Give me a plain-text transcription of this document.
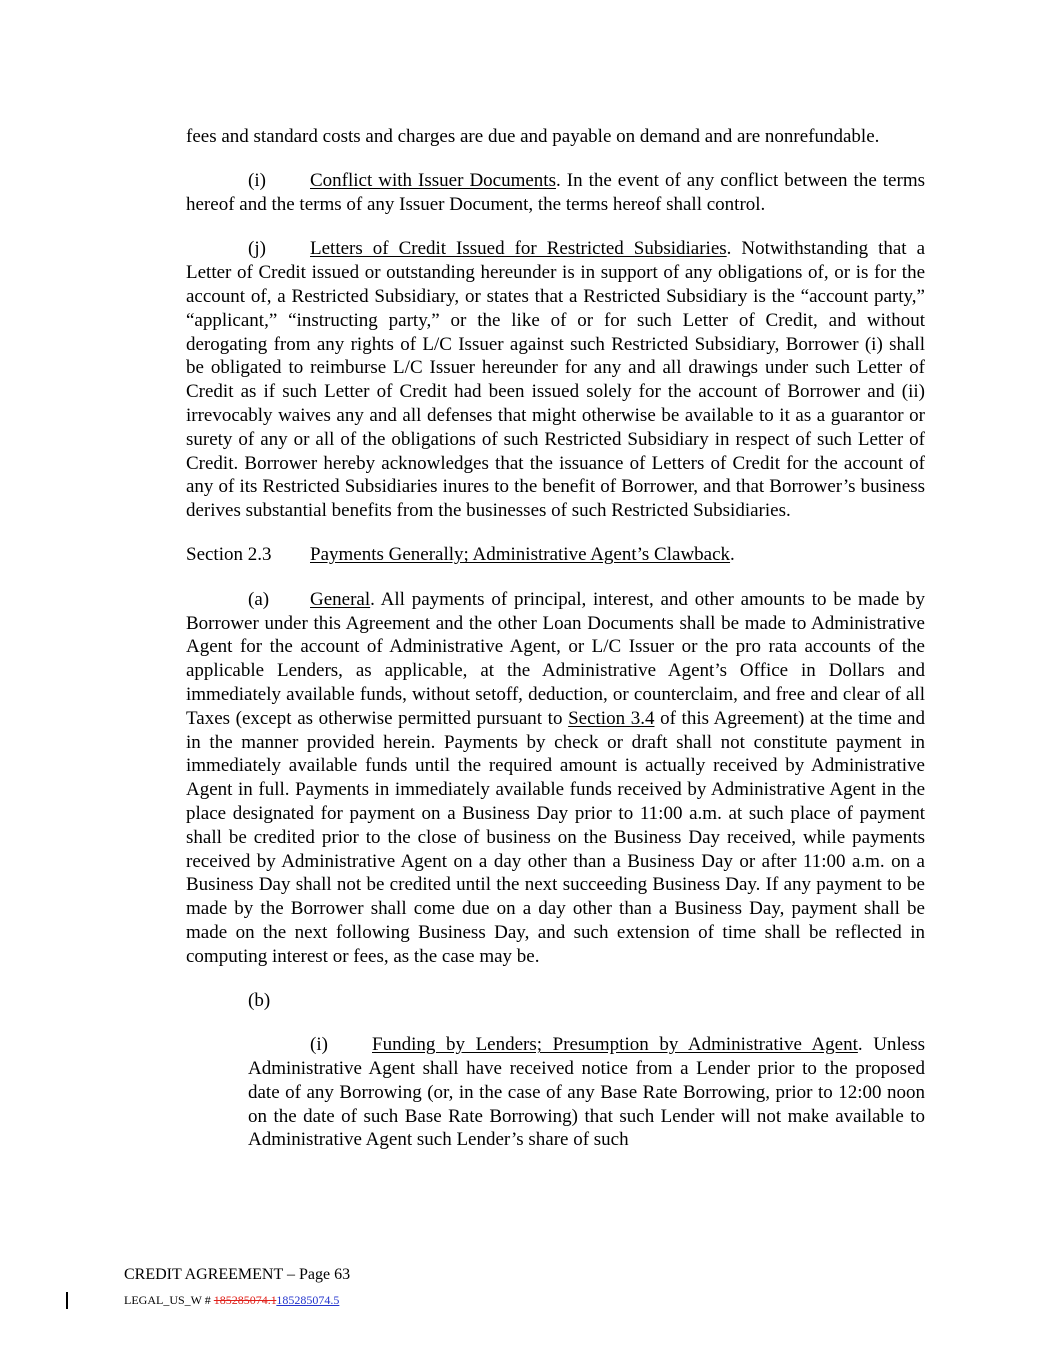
fees and standard costs and charges are due and payable on demand and are nonrefundable.

(i) Conflict with Issuer Documents. In the event of any conflict between the terms hereof and the terms of any Issuer Document, the terms hereof shall control.

(j) Letters of Credit Issued for Restricted Subsidiaries. Notwithstanding that a Letter of Credit issued or outstanding hereunder is in support of any obligations of, or is for the account of, a Restricted Subsidiary, or states that a Restricted Subsidiary is the “account party,” “applicant,” “instructing party,” or the like of or for such Letter of Credit, and without derogating from any rights of L/C Issuer against such Restricted Subsidiary, Borrower (i) shall be obligated to reimburse L/C Issuer hereunder for any and all drawings under such Letter of Credit as if such Letter of Credit had been issued solely for the account of Borrower and (ii) irrevocably waives any and all defenses that might otherwise be available to it as a guarantor or surety of any or all of the obligations of such Restricted Subsidiary in respect of such Letter of Credit. Borrower hereby acknowledges that the issuance of Letters of Credit for the account of any of its Restricted Subsidiaries inures to the benefit of Borrower, and that Borrower’s business derives substantial benefits from the businesses of such Restricted Subsidiaries.

Section 2.3 Payments Generally; Administrative Agent’s Clawback.

(a) General. All payments of principal, interest, and other amounts to be made by Borrower under this Agreement and the other Loan Documents shall be made to Administrative Agent for the account of Administrative Agent, or L/C Issuer or the pro rata accounts of the applicable Lenders, as applicable, at the Administrative Agent’s Office in Dollars and immediately available funds, without setoff, deduction, or counterclaim, and free and clear of all Taxes (except as otherwise permitted pursuant to Section 3.4 of this Agreement) at the time and in the manner provided herein. Payments by check or draft shall not constitute payment in immediately available funds until the required amount is actually received by Administrative Agent in full. Payments in immediately available funds received by Administrative Agent in the place designated for payment on a Business Day prior to 11:00 a.m. at such place of payment shall be credited prior to the close of business on the Business Day received, while payments received by Administrative Agent on a day other than a Business Day or after 11:00 a.m. on a Business Day shall not be credited until the next succeeding Business Day. If any payment to be made by the Borrower shall come due on a day other than a Business Day, payment shall be made on the next following Business Day, and such extension of time shall be reflected in computing interest or fees, as the case may be.

(b)

(i) Funding by Lenders; Presumption by Administrative Agent. Unless Administrative Agent shall have received notice from a Lender prior to the proposed date of any Borrowing (or, in the case of any Base Rate Borrowing, prior to 12:00 noon on the date of such Base Rate Borrowing) that such Lender will not make available to Administrative Agent such Lender’s share of such

CREDIT AGREEMENT – Page 63
LEGAL_US_W # 185285074.1185285074.5
